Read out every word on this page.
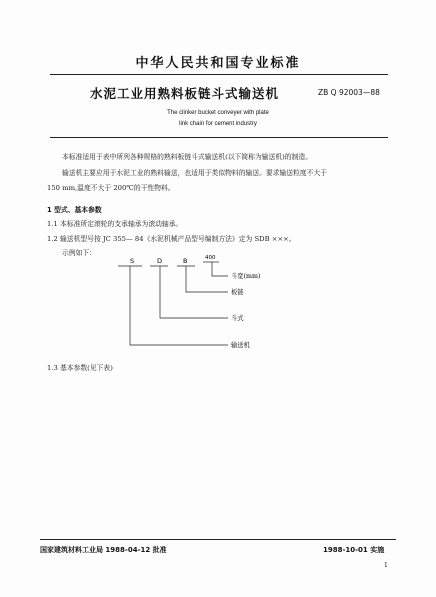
中华人民共和国专业标准
水泥工业用熟料板链斗式输送机	ZB Q 92003—88
The clinker bucket conveyer with plate
link chain for cement industry
本标准适用于表中所列各种规格的熟料板链斗式输送机(以下简称为输送机)的制造。
输送机主要应用于水泥工业的熟料输送，也适用于类似物料的输送。要求输送粒度不大于
150 mm,温度不大于 200℃的干性物料。
1 型式、基本参数
1.1 本标准所定滚轮的支承轴承为滚动轴承。
1.2 输送机型号按 JC 355— 84《水泥机械产品型号编制方法》定为 SDB ×××。
示例如下：
S	D	B	400
斗宽(mm)
板链
斗式
输送机
1.3 基本参数(见下表)
国家建筑材料工业局 1988-04-12 批准	1988-10-01 实施
1
